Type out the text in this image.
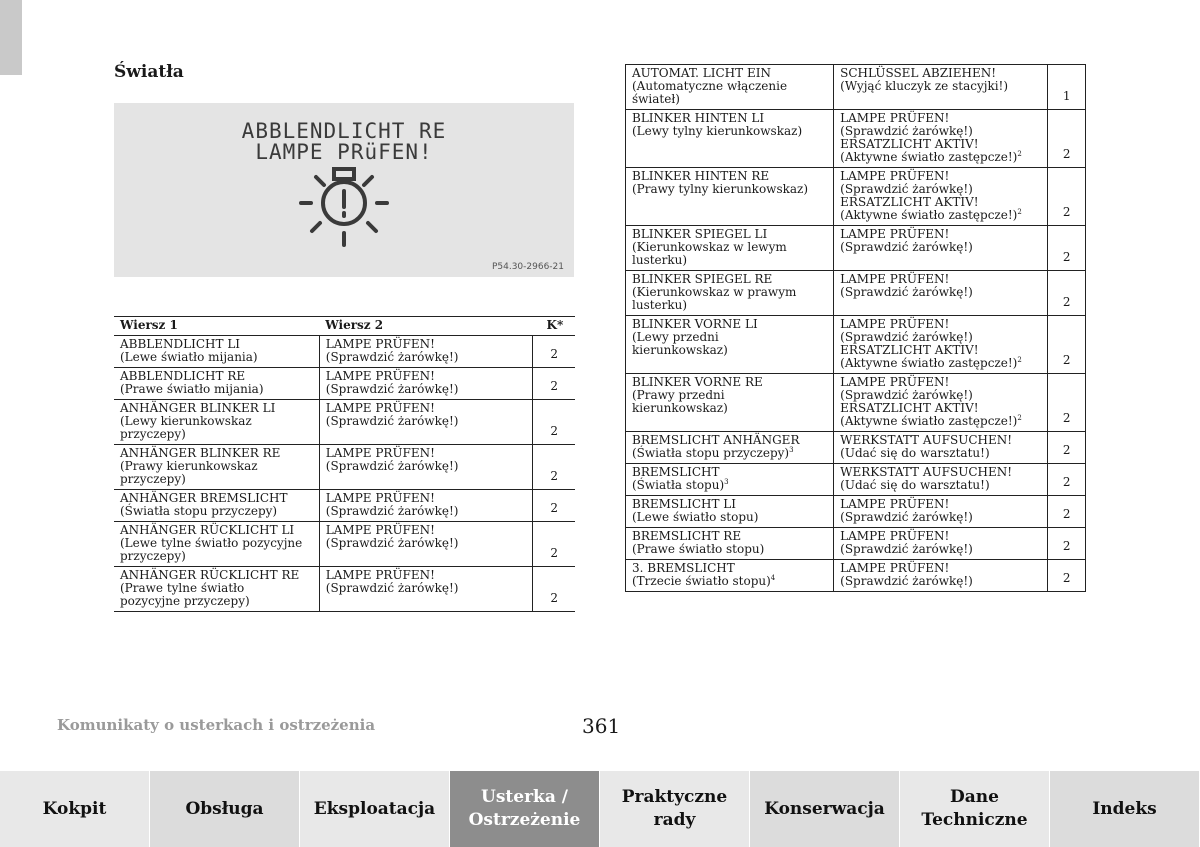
Światła
ABBLENDLICHT RE
LAMPE PRüFEN!
P54.30-2966-21
Wiersz 1	Wiersz 2	K*

ABBLENDLICHT LI
(Lewe światło mijania)	LAMPE PRÜFEN!
(Sprawdzić żarówkę!)	2

ABBLENDLICHT RE
(Prawe światło mijania)	LAMPE PRÜFEN!
(Sprawdzić żarówkę!)	2

ANHÄNGER BLINKER LI
(Lewy kierunkowskaz
przyczepy)	LAMPE PRÜFEN!
(Sprawdzić żarówkę!)	2

ANHÄNGER BLINKER RE
(Prawy kierunkowskaz
przyczepy)	LAMPE PRÜFEN!
(Sprawdzić żarówkę!)	2

ANHÄNGER BREMSLICHT
(Światła stopu przyczepy)	LAMPE PRÜFEN!
(Sprawdzić żarówkę!)	2

ANHÄNGER RÜCKLICHT LI
(Lewe tylne światło pozycyjne
przyczepy)	LAMPE PRÜFEN!
(Sprawdzić żarówkę!)	2

ANHÄNGER RÜCKLICHT RE
(Prawe tylne światło
pozycyjne przyczepy)	LAMPE PRÜFEN!
(Sprawdzić żarówkę!)	2
AUTOMAT. LICHT EIN
(Automatyczne włączenie
świateł)	SCHLÜSSEL ABZIEHEN!
(Wyjąć kluczyk ze stacyjki!)	1

BLINKER HINTEN LI
(Lewy tylny kierunkowskaz)	LAMPE PRÜFEN!
(Sprawdzić żarówkę!)
ERSATZLICHT AKTIV!
(Aktywne światło zastępcze!)$^2$	2

BLINKER HINTEN RE
(Prawy tylny kierunkowskaz)	LAMPE PRÜFEN!
(Sprawdzić żarówkę!)
ERSATZLICHT AKTIV!
(Aktywne światło zastępcze!)$^2$	2

BLINKER SPIEGEL LI
(Kierunkowskaz w lewym
lusterku)	LAMPE PRÜFEN!
(Sprawdzić żarówkę!)	2

BLINKER SPIEGEL RE
(Kierunkowskaz w prawym
lusterku)	LAMPE PRÜFEN!
(Sprawdzić żarówkę!)	2

BLINKER VORNE LI
(Lewy przedni
kierunkowskaz)	LAMPE PRÜFEN!
(Sprawdzić żarówkę!)
ERSATZLICHT AKTIV!
(Aktywne światło zastępcze!)$^2$	2

BLINKER VORNE RE
(Prawy przedni
kierunkowskaz)	LAMPE PRÜFEN!
(Sprawdzić żarówkę!)
ERSATZLICHT AKTIV!
(Aktywne światło zastępcze!)$^2$	2

BREMSLICHT ANHÄNGER
(Światła stopu przyczepy)$^3$	WERKSTATT AUFSUCHEN!
(Udać się do warsztatu!)	2

BREMSLICHT
(Światła stopu)$^3$	WERKSTATT AUFSUCHEN!
(Udać się do warsztatu!)	2

BREMSLICHT LI
(Lewe światło stopu)	LAMPE PRÜFEN!
(Sprawdzić żarówkę!)	2

BREMSLICHT RE
(Prawe światło stopu)	LAMPE PRÜFEN!
(Sprawdzić żarówkę!)	2

3. BREMSLICHT
(Trzecie światło stopu)$^4$	LAMPE PRÜFEN!
(Sprawdzić żarówkę!)	2
Komunikaty o usterkach i ostrzeżenia	361
Kokpit	Obsługa	Eksploatacja
Usterka /
Ostrzeżenie
Praktyczne
rady
Konserwacja
Dane
Techniczne
Indeks
